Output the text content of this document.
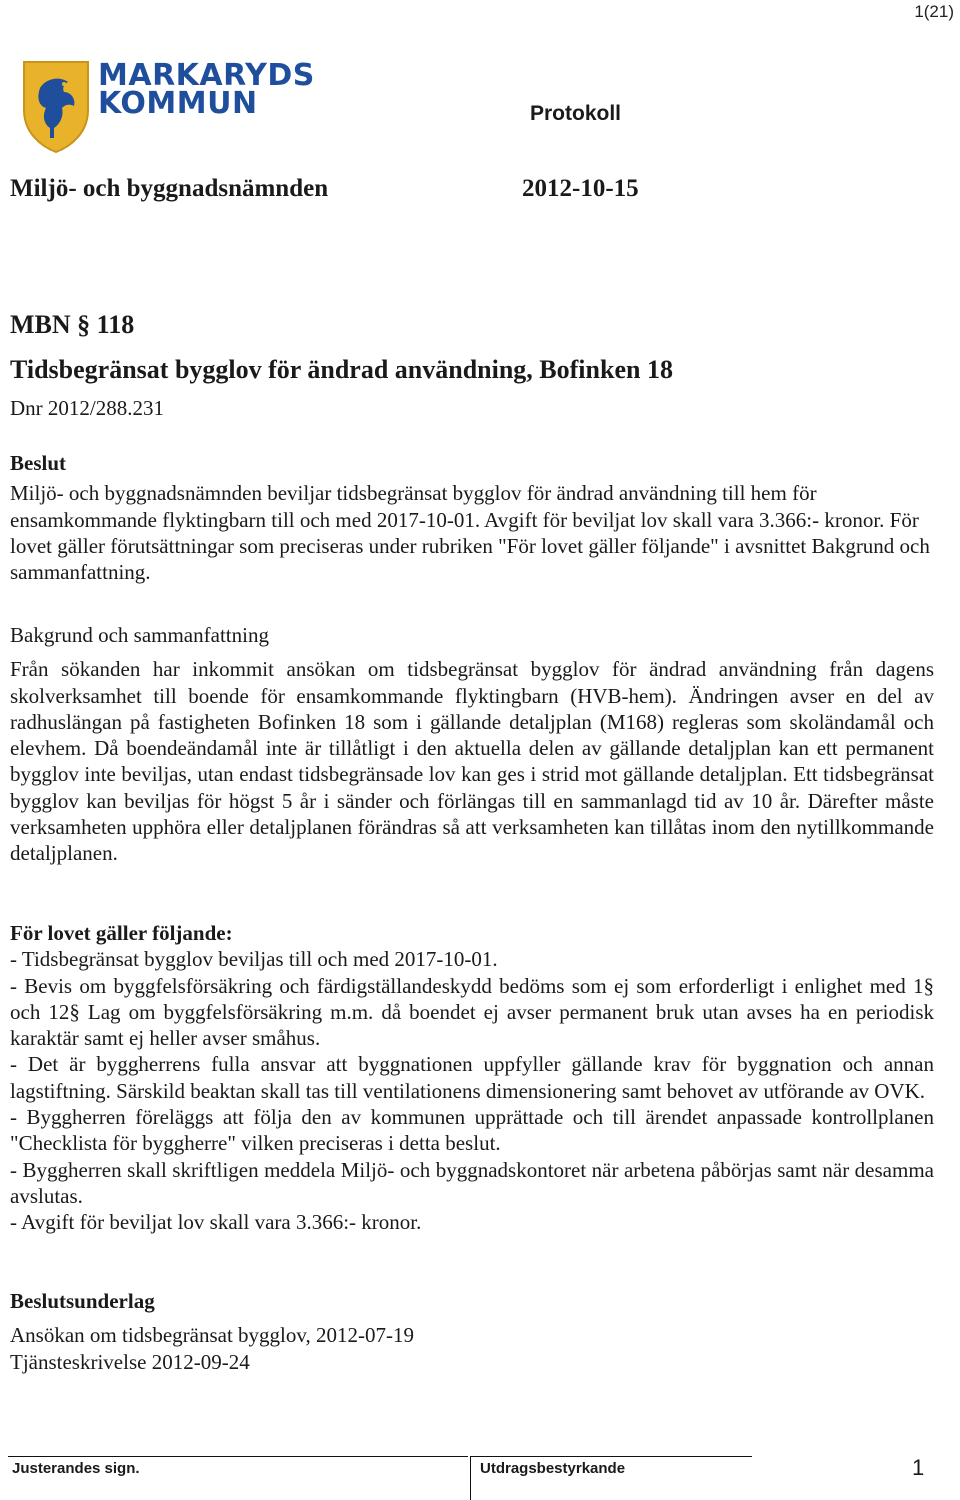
1(21)
MARKARYDS
KOMMUN	Protokoll
Miljö- och byggnadsnämnden	2012-10-15
MBN § 118
Tidsbegränsat bygglov för ändrad användning, Bofinken 18
Dnr 2012/288.231
Beslut
Miljö- och byggnadsnämnden beviljar tidsbegränsat bygglov för ändrad användning till hem för ensamkommande flyktingbarn till och med 2017-10-01. Avgift för beviljat lov skall vara 3.366:- kronor. För lovet gäller förutsättningar som preciseras under rubriken "För lovet gäller följande" i avsnittet Bakgrund och sammanfattning.
Bakgrund och sammanfattning
Från sökanden har inkommit ansökan om tidsbegränsat bygglov för ändrad användning från dagens skolverksamhet till boende för ensamkommande flyktingbarn (HVB-hem). Ändringen avser en del av radhuslängan på fastigheten Bofinken 18 som i gällande detaljplan (M168) regleras som skoländamål och elevhem. Då boendeändamål inte är tillåtligt i den aktuella delen av gällande detaljplan kan ett permanent bygglov inte beviljas, utan endast tidsbegränsade lov kan ges i strid mot gällande detaljplan. Ett tidsbegränsat bygglov kan beviljas för högst 5 år i sänder och förlängas till en sammanlagd tid av 10 år. Därefter måste verksamheten upphöra eller detaljplanen förändras så att verksamheten kan tillåtas inom den nytillkommande detaljplanen.
För lovet gäller följande:
- Tidsbegränsat bygglov beviljas till och med 2017-10-01.
- Bevis om byggfelsförsäkring och färdigställandeskydd bedöms som ej som erforderligt i enlighet med 1§ och 12§ Lag om byggfelsförsäkring m.m. då boendet ej avser permanent bruk utan avses ha en periodisk karaktär samt ej heller avser småhus.
- Det är byggherrens fulla ansvar att byggnationen uppfyller gällande krav för byggnation och annan lagstiftning. Särskild beaktan skall tas till ventilationens dimensionering samt behovet av utförande av OVK.
- Byggherren föreläggs att följa den av kommunen upprättade och till ärendet anpassade kontrollplanen "Checklista för byggherre" vilken preciseras i detta beslut.
- Byggherren skall skriftligen meddela Miljö- och byggnadskontoret när arbetena påbörjas samt när desamma avslutas.
- Avgift för beviljat lov skall vara 3.366:- kronor.
Beslutsunderlag
Ansökan om tidsbegränsat bygglov, 2012-07-19
Tjänsteskrivelse 2012-09-24
Justerandes sign.	Utdragsbestyrkande	1
